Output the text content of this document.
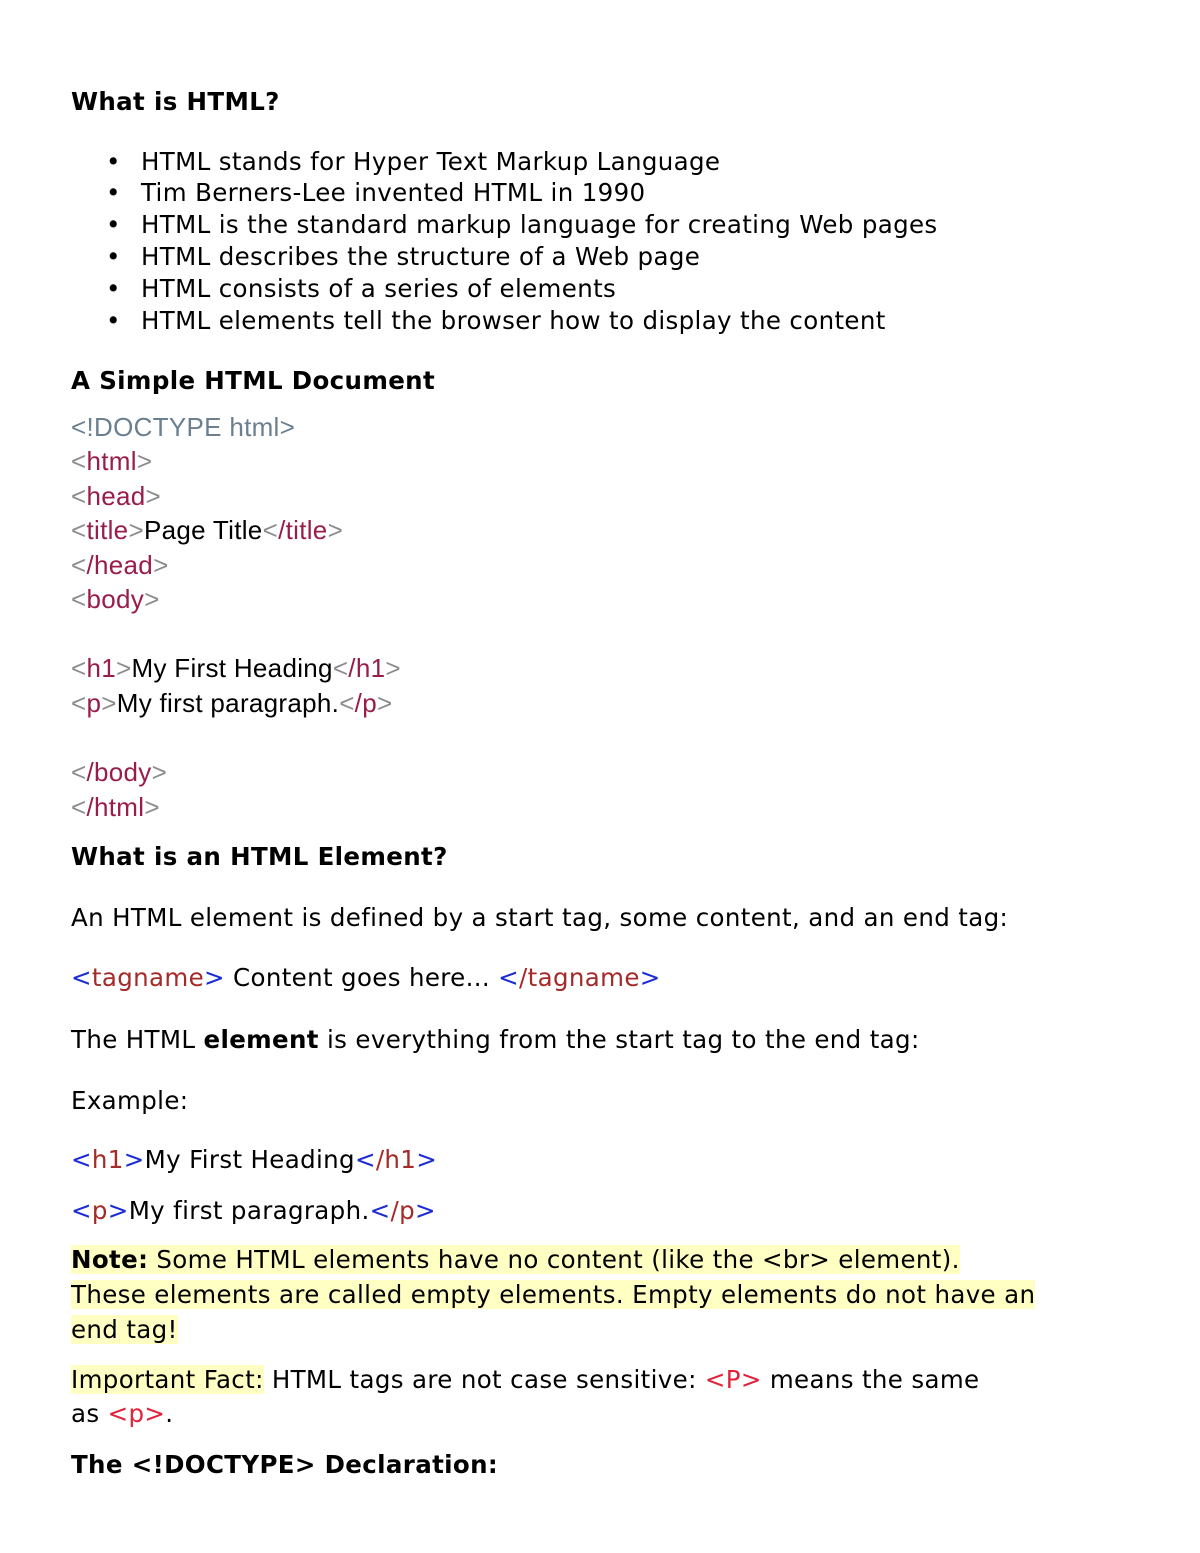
What is HTML?
• HTML stands for Hyper Text Markup Language
• Tim Berners-Lee invented HTML in 1990
• HTML is the standard markup language for creating Web pages
• HTML describes the structure of a Web page
• HTML consists of a series of elements
• HTML elements tell the browser how to display the content
A Simple HTML Document
<!DOCTYPE html>
<html>
<head>
<title>Page Title</title>
</head>
<body>
<h1>My First Heading</h1>
<p>My first paragraph.</p>
</body>
</html>
What is an HTML Element?
An HTML element is defined by a start tag, some content, and an end tag:
<tagname> Content goes here... </tagname>
The HTML element is everything from the start tag to the end tag:
Example:
<h1>My First Heading</h1>
<p>My first paragraph.</p>
Note: Some HTML elements have no content (like the <br> element).
These elements are called empty elements. Empty elements do not have an
end tag!
Important Fact: HTML tags are not case sensitive: <P> means the same
as <p>.
The <!DOCTYPE> Declaration:
